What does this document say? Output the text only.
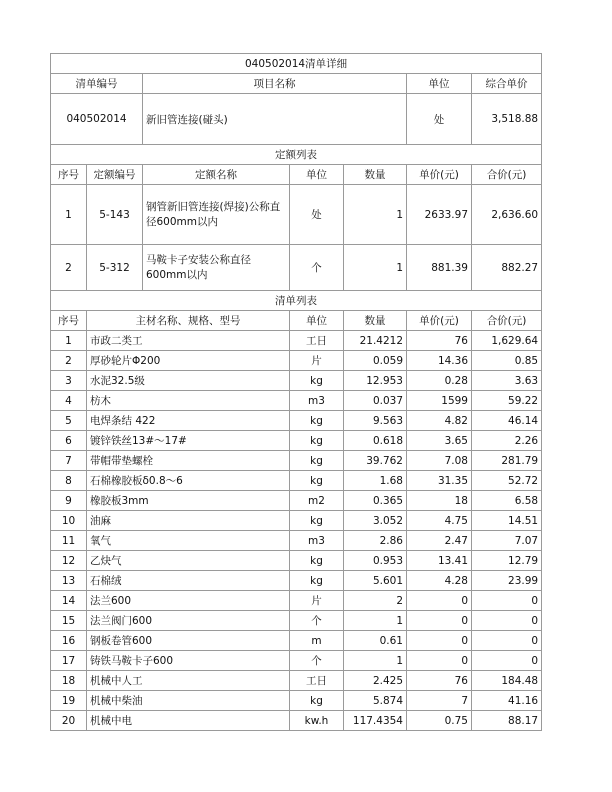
040502014清单详细						
清单编号		项目名称			单位	综合单价
040502014		新旧管连接(碰头)			处	3,518.88
定额列表						
序号	定额编号	定额名称	单位	数量	单价(元)	合价(元)
1	5-143	钢管新旧管连接(焊接)公称直径600mm以内	处	1	2633.97	2,636.60
2	5-312	马鞍卡子安装公称直径600mm以内	个	1	881.39	882.27
清单列表						
序号	主材名称、规格、型号		单位	数量	单价(元)	合价(元)
1	市政二类工		工日	21.4212	76	1,629.64
2	厚砂轮片Φ200		片	0.059	14.36	0.85
3	水泥32.5级		kg	12.953	0.28	3.63
4	枋木		m3	0.037	1599	59.22
5	电焊条结 422		kg	9.563	4.82	46.14
6	镀锌铁丝13#～17#		kg	0.618	3.65	2.26
7	带帽带垫螺栓		kg	39.762	7.08	281.79
8	石棉橡胶板δ0.8～6		kg	1.68	31.35	52.72
9	橡胶板3mm		m2	0.365	18	6.58
10	油麻		kg	3.052	4.75	14.51
11	氧气		m3	2.86	2.47	7.07
12	乙炔气		kg	0.953	13.41	12.79
13	石棉绒		kg	5.601	4.28	23.99
14	法兰600		片	2	0	0
15	法兰阀门600		个	1	0	0
16	钢板卷管600		m	0.61	0	0
17	铸铁马鞍卡子600		个	1	0	0
18	机械中人工		工日	2.425	76	184.48
19	机械中柴油		kg	5.874	7	41.16
20	机械中电		kw.h	117.4354	0.75	88.17
